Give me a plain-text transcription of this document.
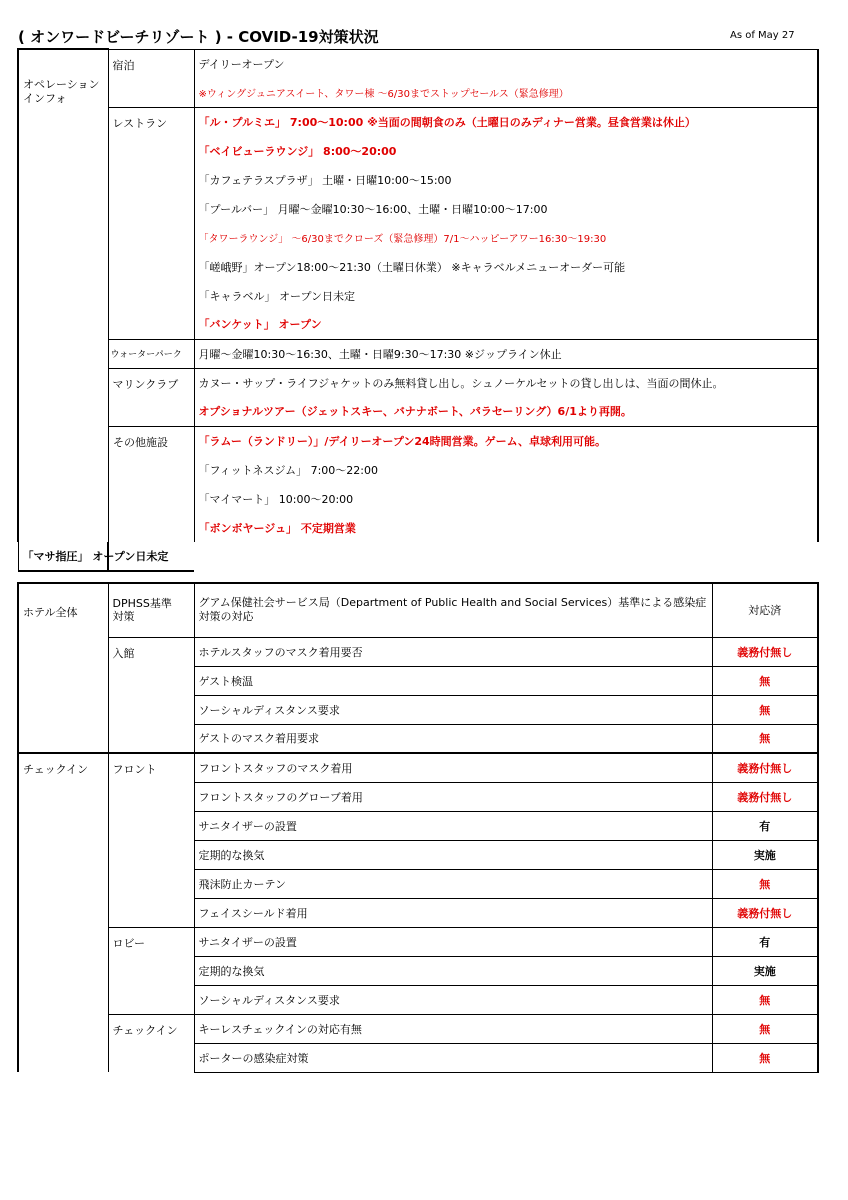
( オンワードビーチリゾート ) - COVID-19対策状況	As of May 27
オペレーション
インフォ	宿泊	デイリーオープン
		※ウィングジュニアスイート、タワー棟 ～6/30までストップセールス（緊急修理）
	レストラン	「ル・プルミエ」 7:00～10:00 ※当面の間朝食のみ（土曜日のみディナー営業。昼食営業は休止）
		「ベイビューラウンジ」 8:00～20:00
		「カフェテラスプラザ」 土曜・日曜10:00～15:00
		「プールバー」 月曜～金曜10:30～16:00、土曜・日曜10:00～17:00
		「タワーラウンジ」 ～6/30までクローズ（緊急修理）7/1～ハッピーアワー16:30～19:30
		「嵯峨野」オープン18:00～21:30（土曜日休業） ※キャラベルメニューオーダー可能
		「キャラベル」 オープン日未定
		「バンケット」 オープン
	ウォーターパーク	月曜～金曜10:30～16:30、土曜・日曜9:30～17:30 ※ジップライン休止
	マリンクラブ	カヌー・サップ・ライフジャケットのみ無料貸し出し。シュノーケルセットの貸し出しは、当面の間休止。
		オプショナルツアー（ジェットスキー、バナナボート、パラセーリング）6/1より再開。
	その他施設	「ラムー（ランドリー）」/デイリーオープン24時間営業。ゲーム、卓球利用可能。
		「フィットネスジム」 7:00～22:00
		「マイマート」 10:00～20:00
		「ボンボヤージュ」 不定期営業
「マサ指圧」 オープン日未定		
ホテル全体	DPHSS基準
対策	グアム保健社会サービス局（Department of Public Health and Social Services）基準による感染症対策の対応	対応済
	入館	ホテルスタッフのマスク着用要否	義務付無し
		ゲスト検温	無
		ソーシャルディスタンス要求	無
		ゲストのマスク着用要求	無
チェックイン	フロント	フロントスタッフのマスク着用	義務付無し
		フロントスタッフのグローブ着用	義務付無し
		サニタイザーの設置	有
		定期的な換気	実施
		飛沫防止カーテン	無
		フェイスシールド着用	義務付無し
	ロビー	サニタイザーの設置	有
		定期的な換気	実施
		ソーシャルディスタンス要求	無
	チェックイン	キーレスチェックインの対応有無	無
		ポーターの感染症対策	無
